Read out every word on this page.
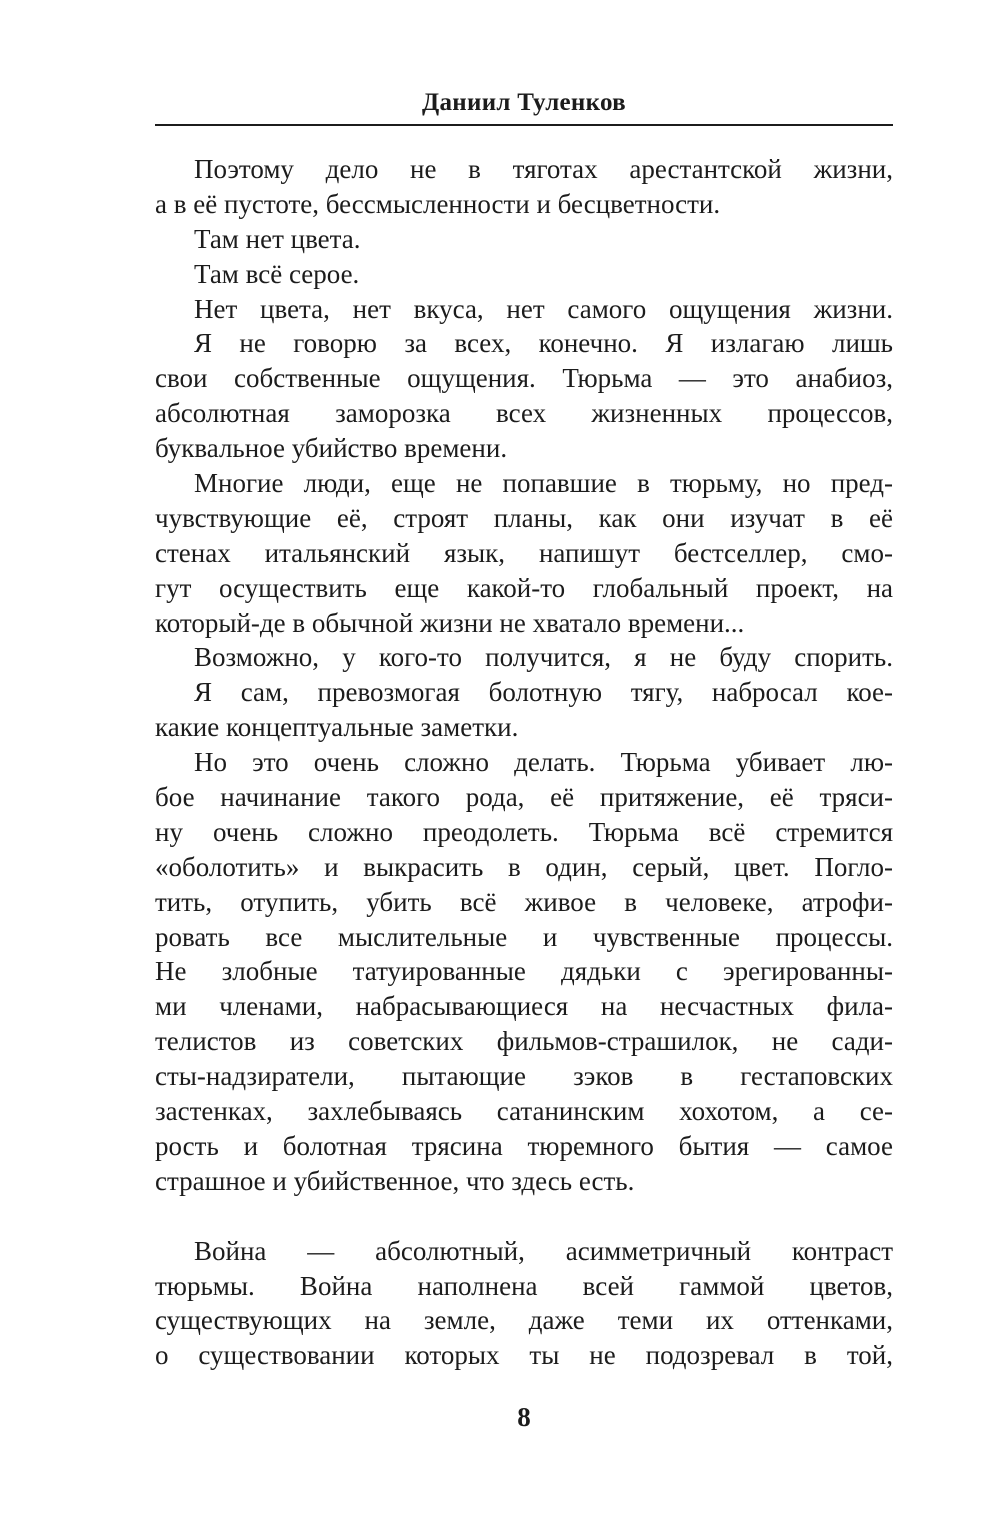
Даниил Туленков
Поэтому дело не в тяготах арестантской жизни,
а в её пустоте, бессмысленности и бесцветности.
Там нет цвета.
Там всё серое.
Нет цвета, нет вкуса, нет самого ощущения жизни.
Я не говорю за всех, конечно. Я излагаю лишь
свои собственные ощущения. Тюрьма — это анабиоз,
абсолютная заморозка всех жизненных процессов,
буквальное убийство времени.
Многие люди, еще не попавшие в тюрьму, но пред-
чувствующие её, строят планы, как они изучат в её
стенах итальянский язык, напишут бестселлер, смо-
гут осуществить еще какой-то глобальный проект, на
который-де в обычной жизни не хватало времени...
Возможно, у кого-то получится, я не буду спорить.
Я сам, превозмогая болотную тягу, набросал кое-
какие концептуальные заметки.
Но это очень сложно делать. Тюрьма убивает лю-
бое начинание такого рода, её притяжение, её тряси-
ну очень сложно преодолеть. Тюрьма всё стремится
«оболотить» и выкрасить в один, серый, цвет. Погло-
тить, отупить, убить всё живое в человеке, атрофи-
ровать все мыслительные и чувственные процессы.
Не злобные татуированные дядьки с эрегированны-
ми членами, набрасывающиеся на несчастных фила-
телистов из советских фильмов-страшилок, не сади-
сты-надзиратели, пытающие зэков в гестаповских
застенках, захлебываясь сатанинским хохотом, а се-
рость и болотная трясина тюремного бытия — самое
страшное и убийственное, что здесь есть.
Война — абсолютный, асимметричный контраст
тюрьмы. Война наполнена всей гаммой цветов,
существующих на земле, даже теми их оттенками,
о существовании которых ты не подозревал в той,
8
